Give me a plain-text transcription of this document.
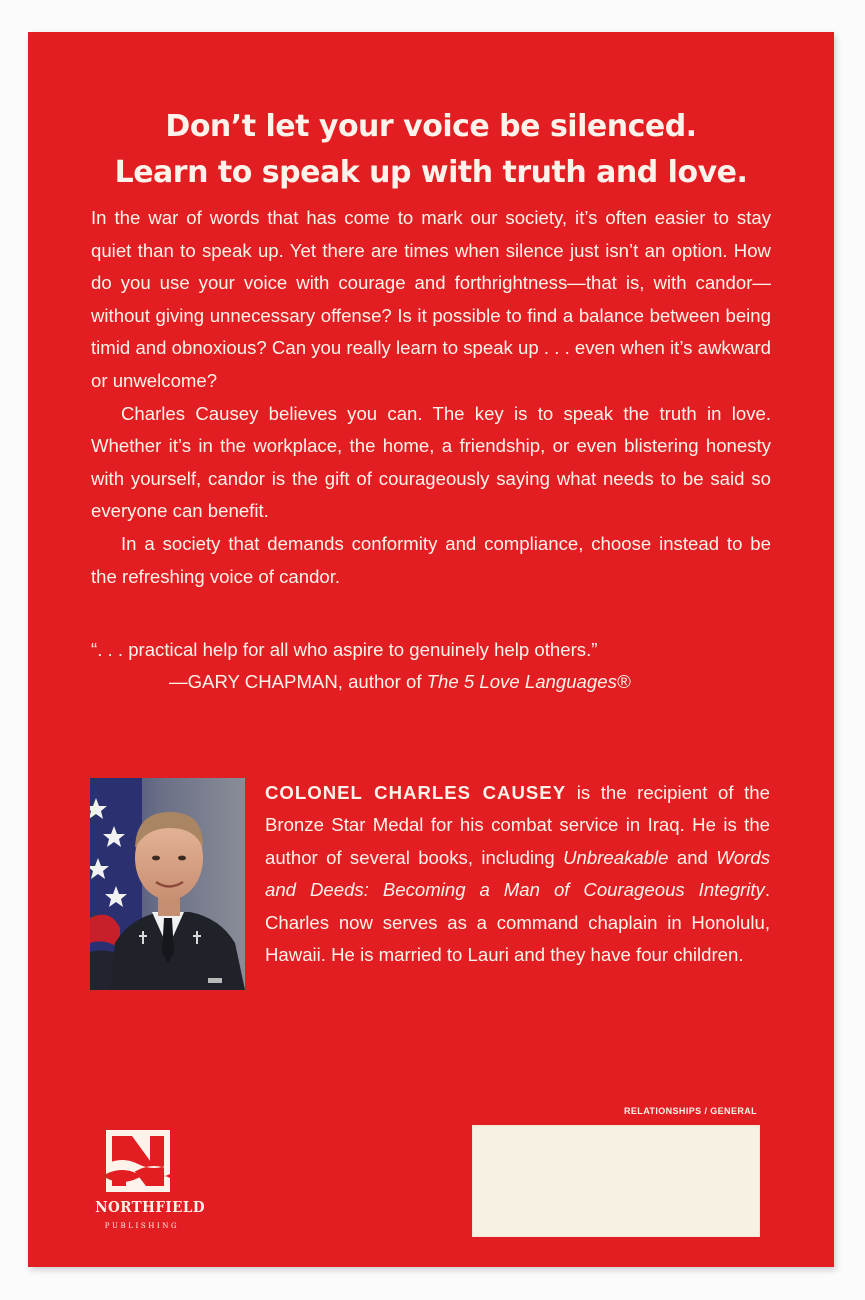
Don’t let your voice be silenced.
Learn to speak up with truth and love.

In the war of words that has come to mark our society, it’s often easier to stay quiet than to speak up. Yet there are times when silence just isn’t an option. How do you use your voice with courage and forthrightness—that is, with candor—without giving unnecessary offense? Is it possible to find a balance between being timid and obnoxious? Can you really learn to speak up . . . even when it’s awkward or unwelcome?

Charles Causey believes you can. The key is to speak the truth in love. Whether it’s in the workplace, the home, a friendship, or even blistering honesty with yourself, candor is the gift of courageously saying what needs to be said so everyone can benefit.

In a society that demands conformity and compliance, choose instead to be the refreshing voice of candor.

“. . . practical help for all who aspire to genuinely help others.”
—GARY CHAPMAN, author of The 5 Love Languages®
COLONEL CHARLES CAUSEY is the recipient of the Bronze Star Medal for his combat service in Iraq. He is the author of several books, including Unbreakable and Words and Deeds: Becoming a Man of Courageous Integrity. Charles now serves as a command chaplain in Honolulu, Hawaii. He is married to Lauri and they have four children.
RELATIONSHIPS / GENERAL
NORTHFIELD
PUBLISHING
